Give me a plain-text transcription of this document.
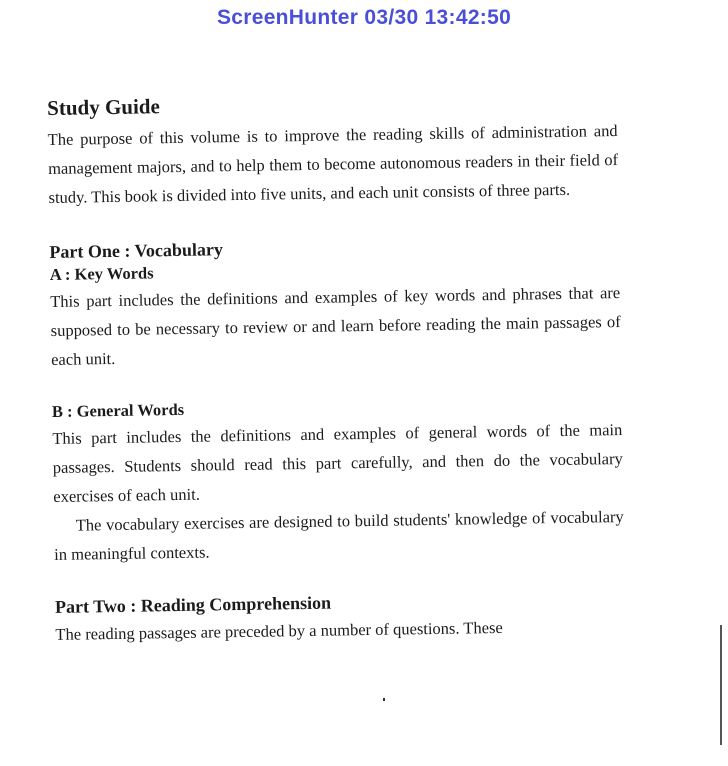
ScreenHunter 03/30 13:42:50
Study Guide

The purpose of this volume is to improve the reading skills of administration and management majors, and to help them to become autonomous readers in their field of study. This book is divided into five units, and each unit consists of three parts.

Part One : Vocabulary
A : Key Words

This part includes the definitions and examples of key words and phrases that are supposed to be necessary to review or and learn before reading the main passages of each unit.

B : General Words

This part includes the definitions and examples of general words of the main passages. Students should read this part carefully, and then do the vocabulary exercises of each unit.

The vocabulary exercises are designed to build students' knowledge of vocabulary in meaningful contexts.

Part Two : Reading Comprehension

The reading passages are preceded by a number of questions. These
